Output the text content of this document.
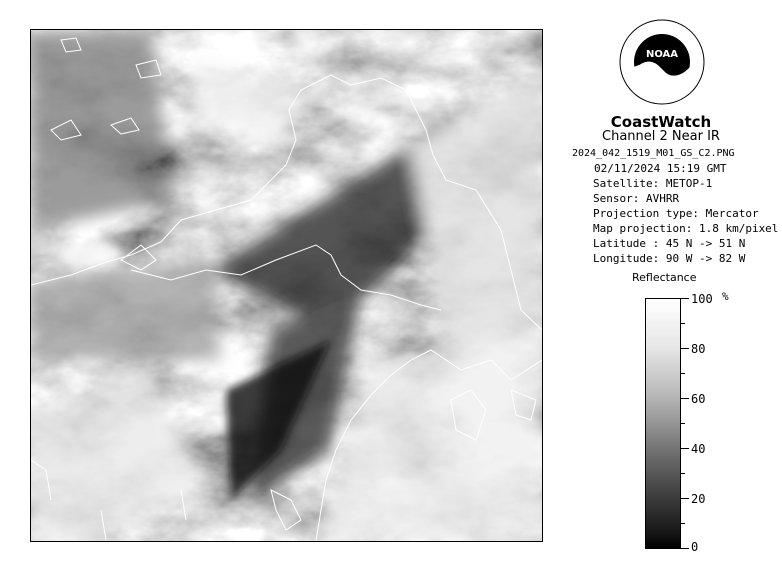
NOAA
CoastWatch
Channel 2 Near IR
2024_042_1519_M01_GS_C2.PNG
02/11/2024 15:19 GMT
Satellite: METOP-1
Sensor: AVHRR
Projection type: Mercator
Map projection: 1.8 km/pixel
Latitude : 45 N -> 51 N
Longitude: 90 W -> 82 W
Reflectance
%
100
80
60
40
20
0
